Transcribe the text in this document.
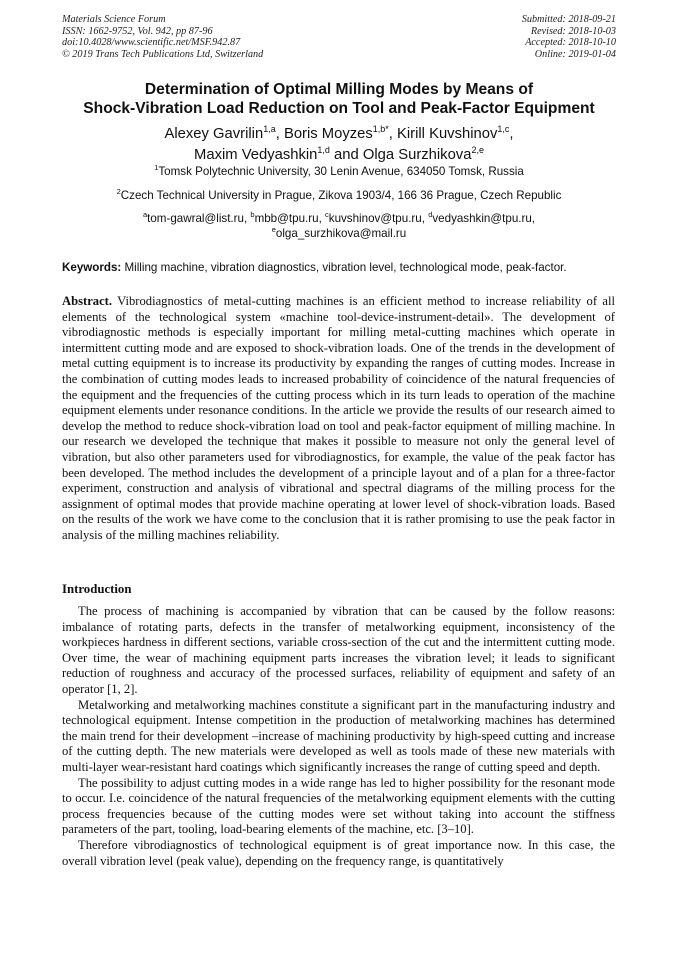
Materials Science Forum
ISSN: 1662-9752, Vol. 942, pp 87-96
doi:10.4028/www.scientific.net/MSF.942.87
© 2019 Trans Tech Publications Ltd, Switzerland
Submitted: 2018-09-21
Revised: 2018-10-03
Accepted: 2018-10-10
Online: 2019-01-04
Determination of Optimal Milling Modes by Means of
Shock-Vibration Load Reduction on Tool and Peak-Factor Equipment
Alexey Gavrilin$^{1,a}$, Boris Moyzes$^{1,b*}$, Kirill Kuvshinov$^{1,c}$,
Maxim Vedyashkin$^{1,d}$ and Olga Surzhikova$^{2,e}$
$^1$Tomsk Polytechnic University, 30 Lenin Avenue, 634050 Tomsk, Russia
$^2$Czech Technical University in Prague, Zikova 1903/4, 166 36 Prague, Czech Republic
$^a$tom-gawral@list.ru, $^b$mbb@tpu.ru, $^c$kuvshinov@tpu.ru, $^d$vedyashkin@tpu.ru,
$^e$olga_surzhikova@mail.ru
Keywords: Milling machine, vibration diagnostics, vibration level, technological mode, peak-factor.
Abstract. Vibrodiagnostics of metal-cutting machines is an efficient method to increase reliability of all elements of the technological system «machine tool-device-instrument-detail». The development of vibrodiagnostic methods is especially important for milling metal-cutting machines which operate in intermittent cutting mode and are exposed to shock-vibration loads. One of the trends in the development of metal cutting equipment is to increase its productivity by expanding the ranges of cutting modes. Increase in the combination of cutting modes leads to increased probability of coincidence of the natural frequencies of the equipment and the frequencies of the cutting process which in its turn leads to operation of the machine equipment elements under resonance conditions. In the article we provide the results of our research aimed to develop the method to reduce shock-vibration load on tool and peak-factor equipment of milling machine. In our research we developed the technique that makes it possible to measure not only the general level of vibration, but also other parameters used for vibrodiagnostics, for example, the value of the peak factor has been developed. The method includes the development of a principle layout and of a plan for a three-factor experiment, construction and analysis of vibrational and spectral diagrams of the milling process for the assignment of optimal modes that provide machine operating at lower level of shock-vibration loads. Based on the results of the work we have come to the conclusion that it is rather promising to use the peak factor in analysis of the milling machines reliability.
Introduction

The process of machining is accompanied by vibration that can be caused by the follow reasons: imbalance of rotating parts, defects in the transfer of metalworking equipment, inconsistency of the workpieces hardness in different sections, variable cross-section of the cut and the intermittent cutting mode. Over time, the wear of machining equipment parts increases the vibration level; it leads to significant reduction of roughness and accuracy of the processed surfaces, reliability of equipment and safety of an operator [1, 2].

Metalworking and metalworking machines constitute a significant part in the manufacturing industry and technological equipment. Intense competition in the production of metalworking machines has determined the main trend for their development –increase of machining productivity by high-speed cutting and increase of the cutting depth. The new materials were developed as well as tools made of these new materials with multi-layer wear-resistant hard coatings which significantly increases the range of cutting speed and depth.

The possibility to adjust cutting modes in a wide range has led to higher possibility for the resonant mode to occur. I.e. coincidence of the natural frequencies of the metalworking equipment elements with the cutting process frequencies because of the cutting modes were set without taking into account the stiffness parameters of the part, tooling, load-bearing elements of the machine, etc. [3–10].

Therefore vibrodiagnostics of technological equipment is of great importance now. In this case, the overall vibration level (peak value), depending on the frequency range, is quantitatively
